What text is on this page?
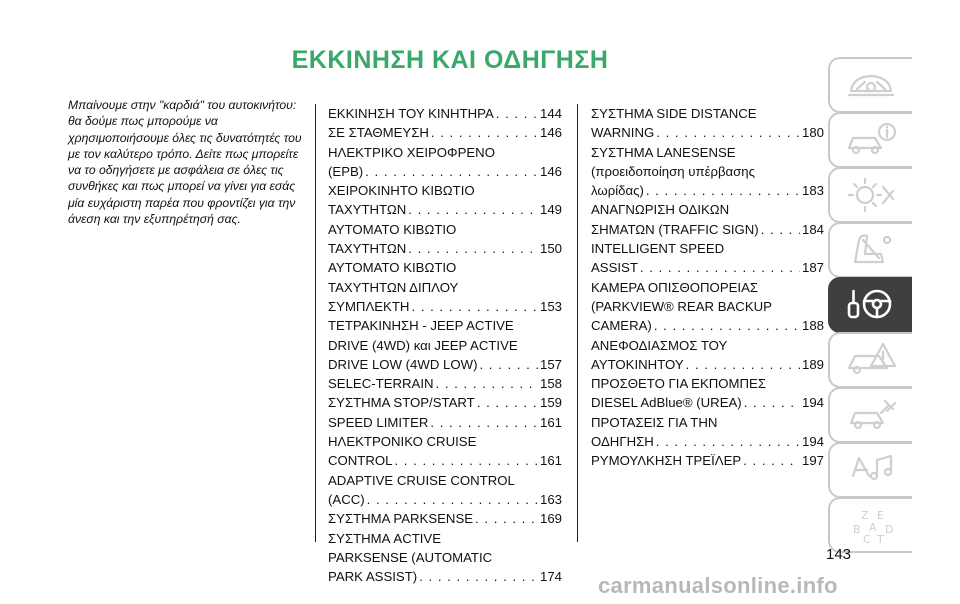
ΕΚΚΙΝΗΣΗ ΚΑΙ ΟΔΗΓΗΣΗ
Μπαίνουμε στην "καρδιά" του αυτοκινήτου: θα δούμε πως μπορούμε να χρησιμοποιήσουμε όλες τις δυνατότητές του με τον καλύτερο τρόπο. Δείτε πως μπορείτε να το οδηγήσετε με ασφάλεια σε όλες τις συνθήκες και πως μπορεί να γίνει για εσάς μία ευχάριστη παρέα που φροντίζει για την άνεση και την εξυπηρέτησή σας.
ΕΚΚΙΝΗΣΗ ΤΟΥ ΚΙΝΗΤΗΡΑ . . .	144
ΣΕ ΣΤΑΘΜΕΥΣΗ . . .	146
ΗΛΕΚΤΡΙΚΟ ΧΕΙΡΟΦΡΕΝΟ
(EPB) . . .	146
ΧΕΙΡΟΚΙΝΗΤΟ ΚΙΒΩΤΙΟ
ΤΑΧΥΤΗΤΩΝ . . .	149
ΑΥΤΟΜΑΤΟ ΚΙΒΩΤΙΟ
ΤΑΧΥΤΗΤΩΝ . . .	150
ΑΥΤΟΜΑΤΟ ΚΙΒΩΤΙΟ
ΤΑΧΥΤΗΤΩΝ ΔΙΠΛΟΥ
ΣΥΜΠΛΕΚΤΗ . . .	153
ΤΕΤΡΑΚΙΝΗΣΗ - JEEP ACTIVE
DRIVE (4WD) και JEEP ACTIVE
DRIVE LOW (4WD LOW) . . .	157
SELEC-TERRAIN . . .	158
ΣΥΣΤΗΜΑ STOP/START . . .	159
SPEED LIMITER . . .	161
ΗΛΕΚΤΡΟΝΙΚΟ CRUISE
CONTROL . . .	161
ADAPTIVE CRUISE CONTROL
(ACC) . . .	163
ΣΥΣΤΗΜΑ PARKSENSE . . .	169
ΣΥΣΤΗΜΑ ACTIVE
PARKSENSE (AUTOMATIC
PARK ASSIST) . . .	174
ΣΥΣΤΗΜΑ SIDE DISTANCE
WARNING . . .	180
ΣΥΣΤΗΜΑ LANESENSE
(προειδοποίηση υπέρβασης
λωρίδας) . . .	183
ΑΝΑΓΝΩΡΙΣΗ ΟΔΙΚΩΝ
ΣΗΜΑΤΩΝ (TRAFFIC SIGN) . . .	184
INTELLIGENT SPEED
ASSIST . . .	187
ΚΑΜΕΡΑ ΟΠΙΣΘΟΠΟΡΕΙΑΣ
(PARKVIEW® REAR BACKUP
CAMERA) . . .	188
ΑΝΕΦΟΔΙΑΣΜΟΣ ΤΟΥ
ΑΥΤΟΚΙΝΗΤΟΥ . . .	189
ΠΡΟΣΘΕΤΟ ΓΙΑ ΕΚΠΟΜΠΕΣ
DIESEL AdBlue® (UREA) . . .	194
ΠΡΟΤΑΣΕΙΣ ΓΙΑ ΤΗΝ
ΟΔΗΓΗΣΗ . . .	194
ΡΥΜΟΥΛΚΗΣΗ ΤΡΕΪΛΕΡ . . .	197
Z E
B A D
C T
143
carmanualsonline.info
